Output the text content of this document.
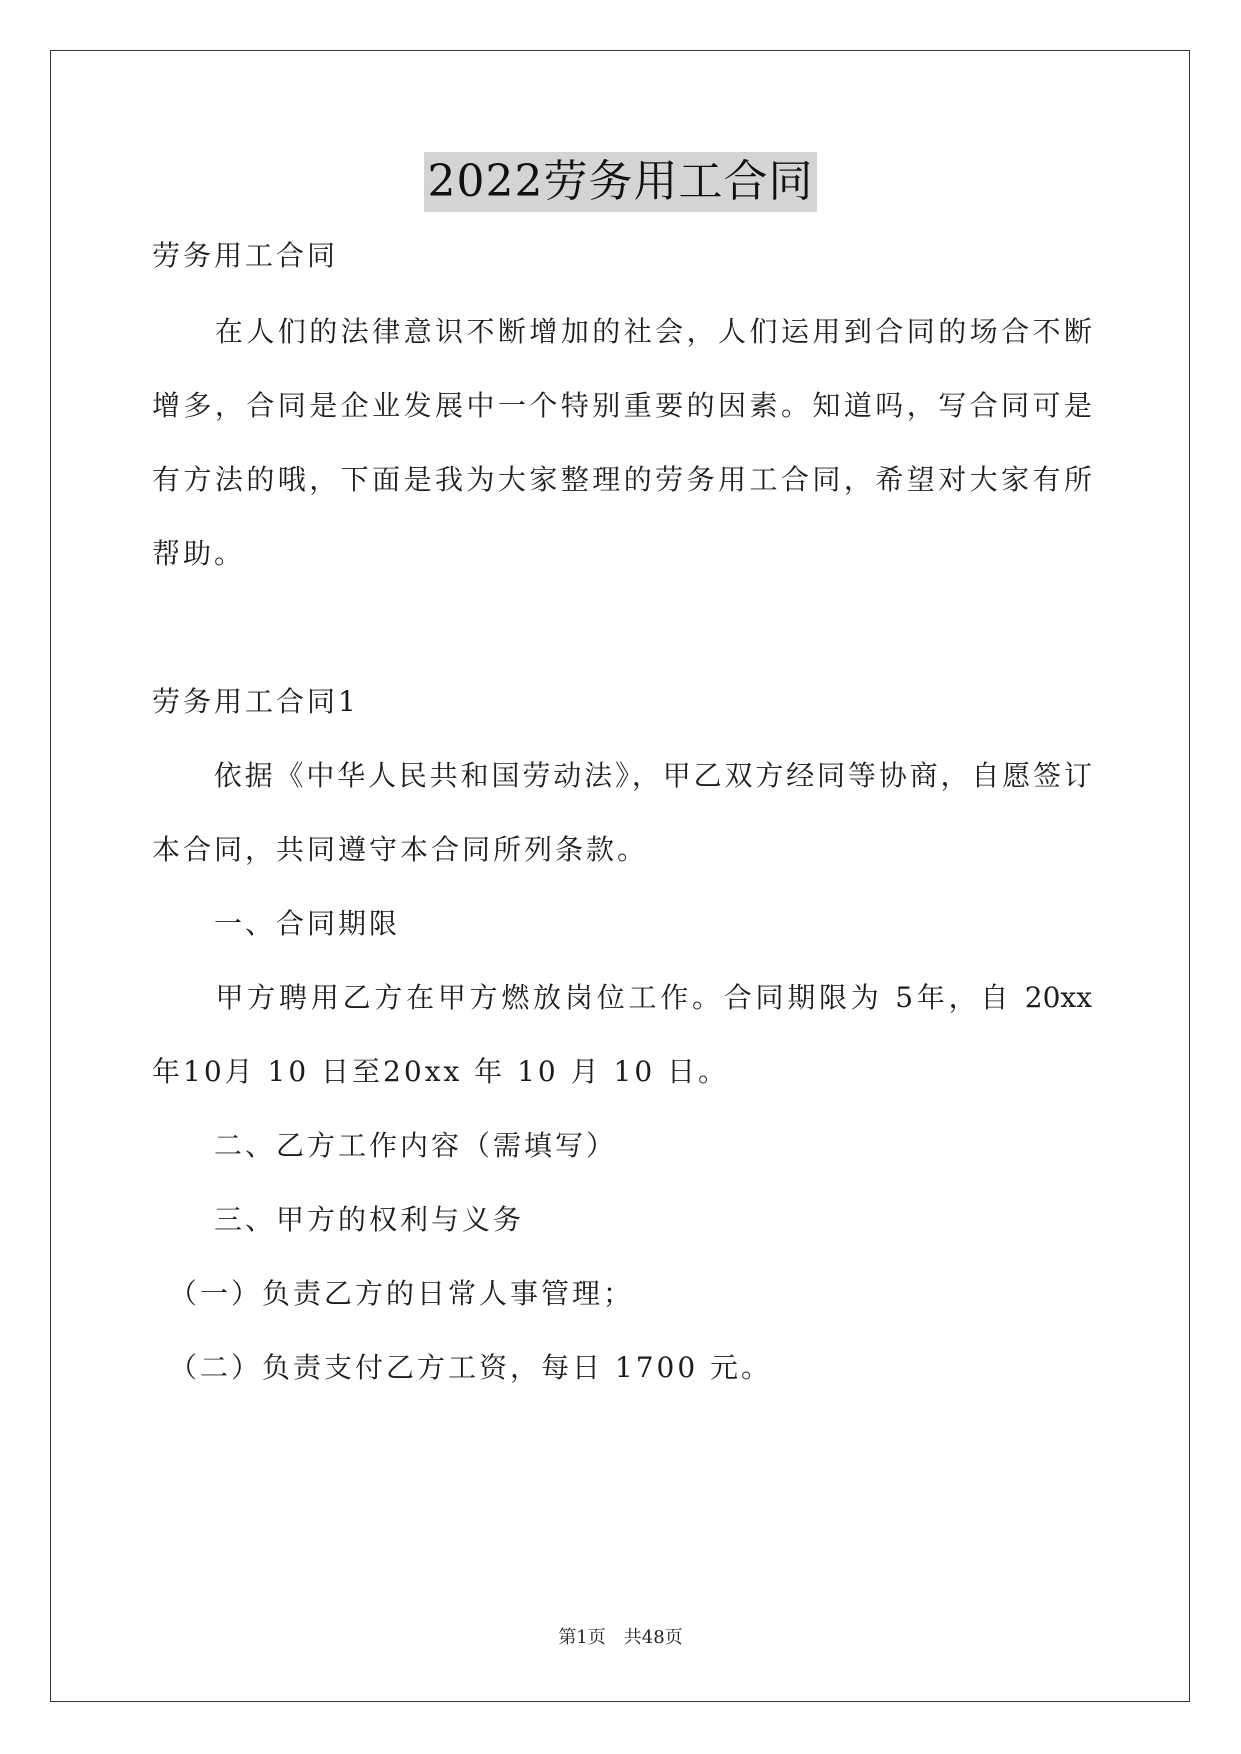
2022劳务用工合同
劳务用工合同
　　在人们的法律意识不断增加的社会，人们运用到合同的场合不断
增多，合同是企业发展中一个特别重要的因素。知道吗，写合同可是
有方法的哦，下面是我为大家整理的劳务用工合同，希望对大家有所
帮助。
劳务用工合同1
　　依据《中华人民共和国劳动法》，甲乙双方经同等协商，自愿签订
本合同，共同遵守本合同所列条款。
　　一、合同期限
　　甲方聘用乙方在甲方燃放岗位工作。合同期限为 5年，自 20xx
年10月 10 日至20xx 年 10 月 10 日。
　　二、乙方工作内容（需填写）
　　三、甲方的权利与义务
　（一）负责乙方的日常人事管理；
　（二）负责支付乙方工资，每日 1700 元。
第1页　共48页
